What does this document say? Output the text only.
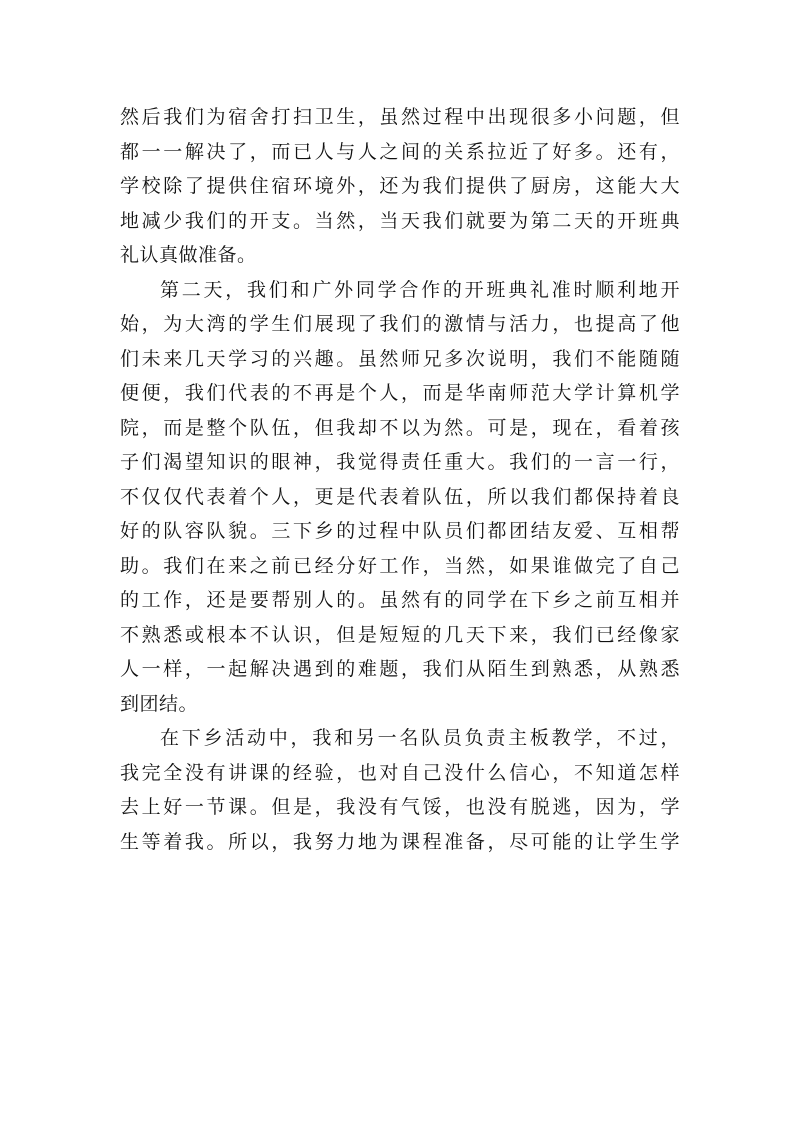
然后我们为宿舍打扫卫生，虽然过程中出现很多小问题，但
都一一解决了，而已人与人之间的关系拉近了好多。还有，
学校除了提供住宿环境外，还为我们提供了厨房，这能大大
地减少我们的开支。当然，当天我们就要为第二天的开班典
礼认真做准备。
第二天，我们和广外同学合作的开班典礼准时顺利地开
始，为大湾的学生们展现了我们的激情与活力，也提高了他
们未来几天学习的兴趣。虽然师兄多次说明，我们不能随随
便便，我们代表的不再是个人，而是华南师范大学计算机学
院，而是整个队伍，但我却不以为然。可是，现在，看着孩
子们渴望知识的眼神，我觉得责任重大。我们的一言一行，
不仅仅代表着个人，更是代表着队伍，所以我们都保持着良
好的队容队貌。三下乡的过程中队员们都团结友爱、互相帮
助。我们在来之前已经分好工作，当然，如果谁做完了自己
的工作，还是要帮别人的。虽然有的同学在下乡之前互相并
不熟悉或根本不认识，但是短短的几天下来，我们已经像家
人一样，一起解决遇到的难题，我们从陌生到熟悉，从熟悉
到团结。
在下乡活动中，我和另一名队员负责主板教学，不过，
我完全没有讲课的经验，也对自己没什么信心，不知道怎样
去上好一节课。但是，我没有气馁，也没有脱逃，因为，学
生等着我。所以，我努力地为课程准备，尽可能的让学生学
